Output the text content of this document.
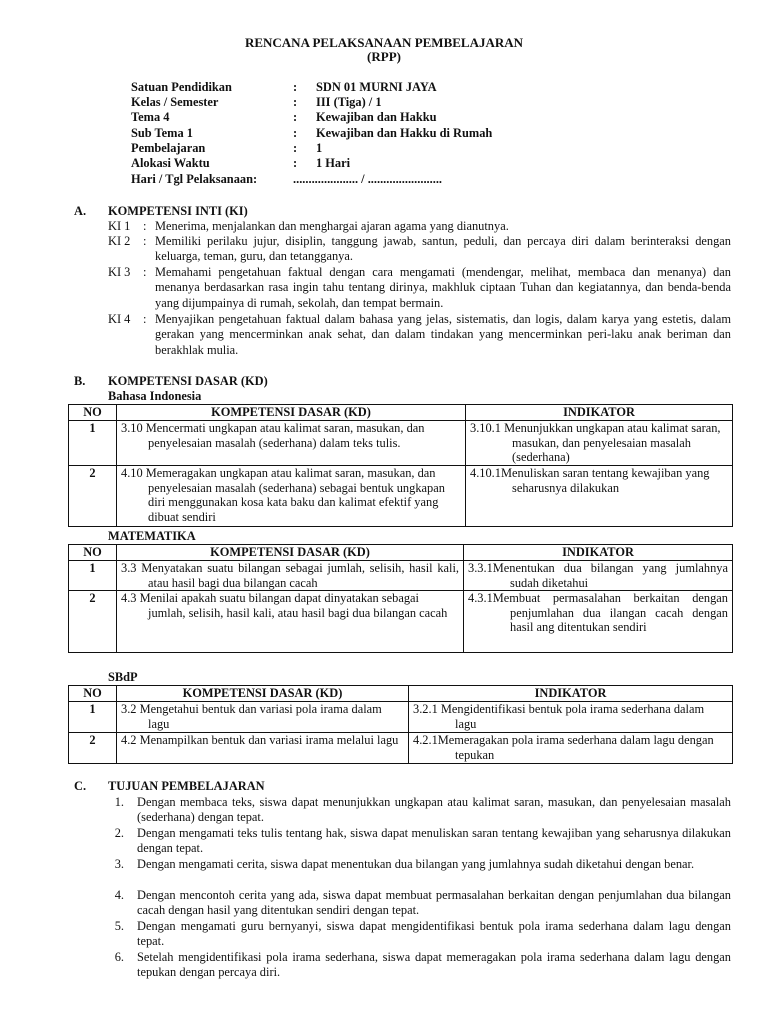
RENCANA PELAKSANAAN PEMBELAJARAN
(RPP)
Satuan Pendidikan	: SDN 01 MURNI JAYA
Kelas / Semester	: III (Tiga) / 1
Tema 4	: Kewajiban dan Hakku
Sub Tema 1	: Kewajiban dan Hakku di Rumah
Pembelajaran	: 1
Alokasi Waktu	: 1 Hari
Hari / Tgl Pelaksanaan:	..................... / ........................
A. KOMPETENSI INTI (KI)
KI 1 : Menerima, menjalankan dan menghargai ajaran agama yang dianutnya.
KI 2 : Memiliki perilaku jujur, disiplin, tanggung jawab, santun, peduli, dan percaya diri dalam berinteraksi dengan keluarga, teman, guru, dan tetangganya.
KI 3 : Memahami pengetahuan faktual dengan cara mengamati (mendengar, melihat, membaca dan menanya) dan menanya berdasarkan rasa ingin tahu tentang dirinya, makhluk ciptaan Tuhan dan kegiatannya, dan benda-benda yang dijumpainya di rumah, sekolah, dan tempat bermain.
KI 4 : Menyajikan pengetahuan faktual dalam bahasa yang jelas, sistematis, dan logis, dalam karya yang estetis, dalam gerakan yang mencerminkan anak sehat, dan dalam tindakan yang mencerminkan peri-laku anak beriman dan berakhlak mulia.
B. KOMPETENSI DASAR (KD)
Bahasa Indonesia
NO	KOMPETENSI DASAR (KD)	INDIKATOR
1	3.10 Mencermati ungkapan atau kalimat saran, masukan, dan penyelesaian masalah (sederhana) dalam teks tulis.	3.10.1 Menunjukkan ungkapan atau kalimat saran, masukan, dan penyelesaian masalah (sederhana)

2	4.10 Memeragakan ungkapan atau kalimat saran, masukan, dan penyelesaian masalah (sederhana) sebagai bentuk ungkapan diri menggunakan kosa kata baku dan kalimat efektif yang dibuat sendiri	4.10.1Menuliskan saran tentang kewajiban yang seharusnya dilakukan
MATEMATIKA
NO	KOMPETENSI DASAR (KD)	INDIKATOR
1	3.3 Menyatakan suatu bilangan sebagai jumlah, selisih, hasil kali, atau hasil bagi dua bilangan cacah	3.3.1Menentukan dua bilangan yang jumlahnya sudah diketahui

2	4.3 Menilai apakah suatu bilangan dapat dinyatakan sebagai jumlah, selisih, hasil kali, atau hasil bagi dua bilangan cacah	4.3.1Membuat permasalahan berkaitan dengan penjumlahan dua ilangan cacah dengan hasil ang ditentukan sendiri
SBdP
NO	KOMPETENSI DASAR (KD)	INDIKATOR
1	3.2 Mengetahui bentuk dan variasi pola irama dalam lagu	3.2.1 Mengidentifikasi bentuk pola irama sederhana dalam lagu

2	4.2 Menampilkan bentuk dan variasi irama melalui lagu	4.2.1Memeragakan pola irama sederhana dalam lagu dengan tepukan
C. TUJUAN PEMBELAJARAN
1. Dengan membaca teks, siswa dapat menunjukkan ungkapan atau kalimat saran, masukan, dan penyelesaian masalah (sederhana) dengan tepat.
2. Dengan mengamati teks tulis tentang hak, siswa dapat menuliskan saran tentang kewajiban yang seharusnya dilakukan dengan tepat.
3. Dengan mengamati cerita, siswa dapat menentukan dua bilangan yang jumlahnya sudah diketahui dengan benar.
4. Dengan mencontoh cerita yang ada, siswa dapat membuat permasalahan berkaitan dengan penjumlahan dua bilangan cacah dengan hasil yang ditentukan sendiri dengan tepat.
5. Dengan mengamati guru bernyanyi, siswa dapat mengidentifikasi bentuk pola irama sederhana dalam lagu dengan tepat.
6. Setelah mengidentifikasi pola irama sederhana, siswa dapat memeragakan pola irama sederhana dalam lagu dengan tepukan dengan percaya diri.
